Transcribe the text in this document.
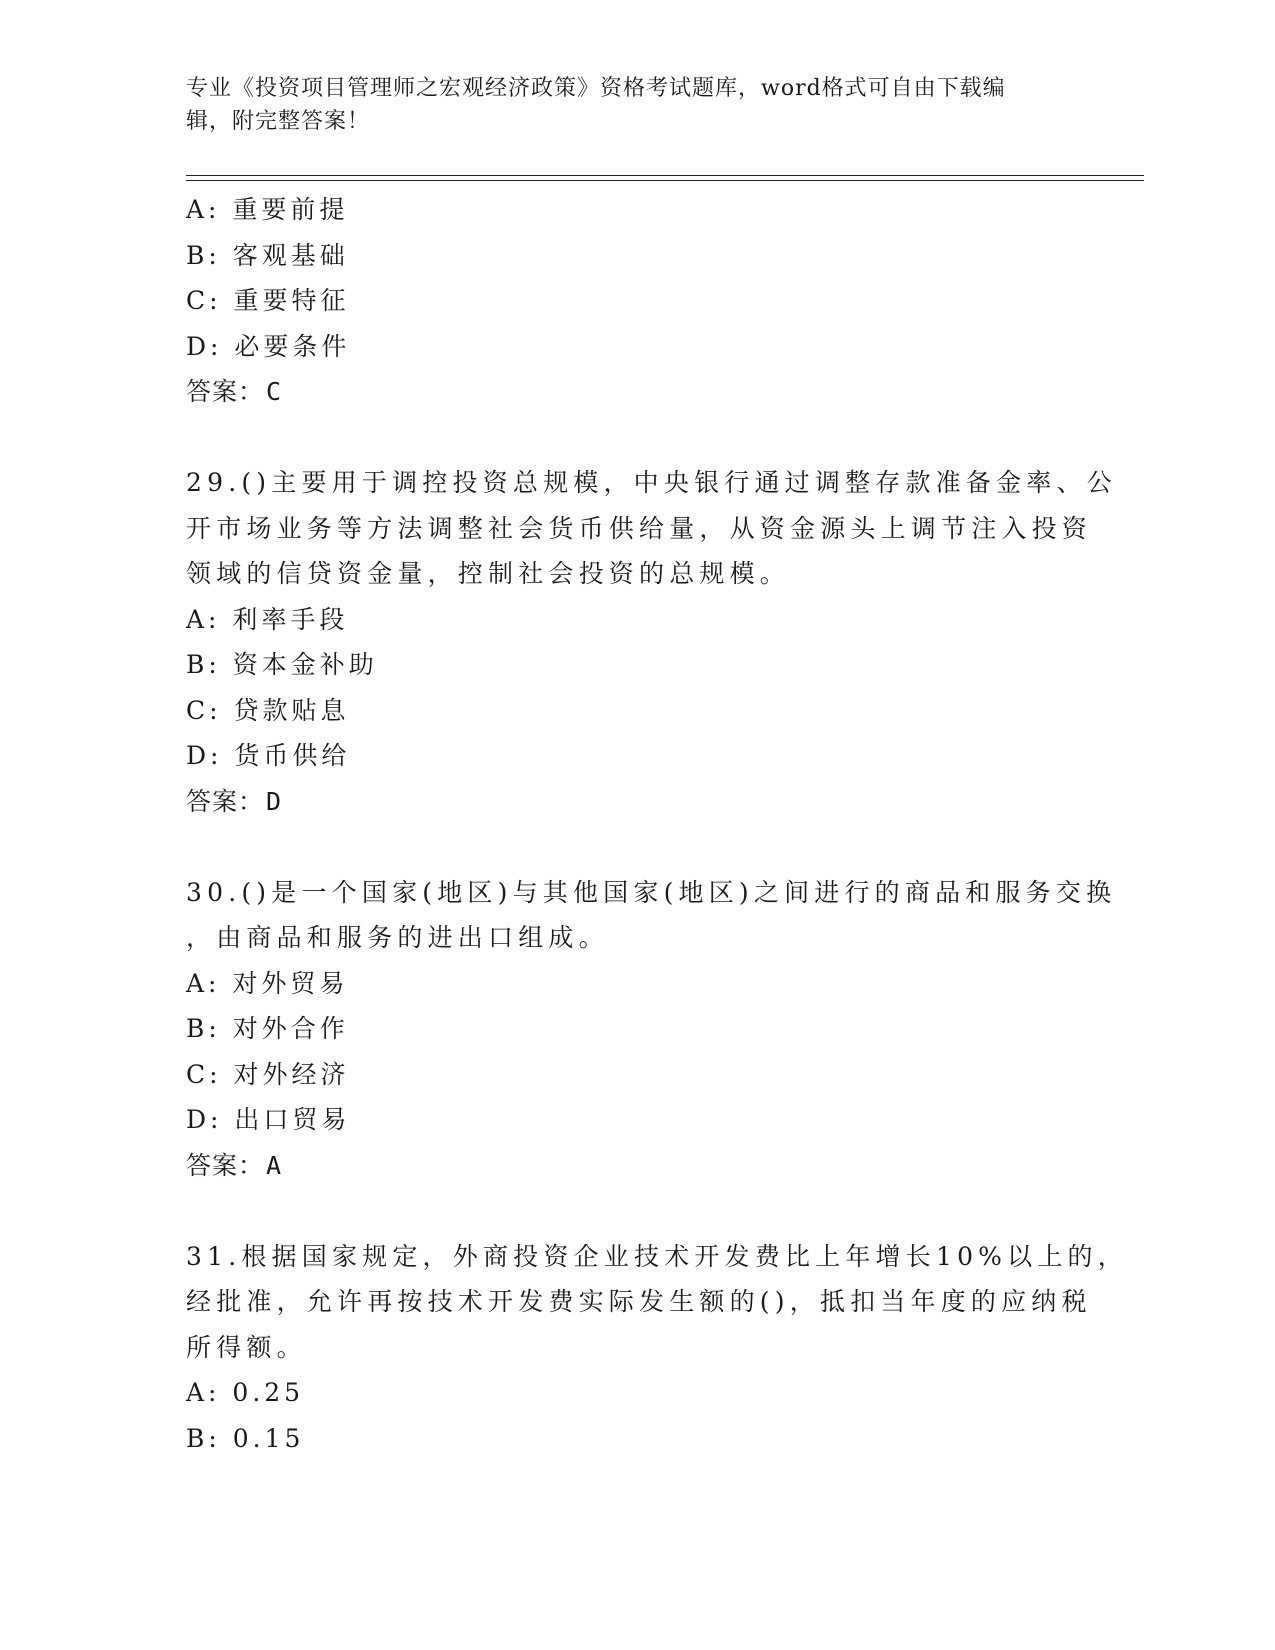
专业《投资项目管理师之宏观经济政策》资格考试题库，word格式可自由下载编
辑，附完整答案！
A: 重要前提
B: 客观基础
C: 重要特征
D: 必要条件
答案：C
29.()主要用于调控投资总规模，中央银行通过调整存款准备金率、公
开市场业务等方法调整社会货币供给量，从资金源头上调节注入投资
领域的信贷资金量，控制社会投资的总规模。
A: 利率手段
B: 资本金补助
C: 贷款贴息
D: 货币供给
答案：D
30.()是一个国家(地区)与其他国家(地区)之间进行的商品和服务交换
，由商品和服务的进出口组成。
A: 对外贸易
B: 对外合作
C: 对外经济
D: 出口贸易
答案：A
31.根据国家规定，外商投资企业技术开发费比上年增长10%以上的，
经批准，允许再按技术开发费实际发生额的()，抵扣当年度的应纳税
所得额。
A: 0.25
B: 0.15
